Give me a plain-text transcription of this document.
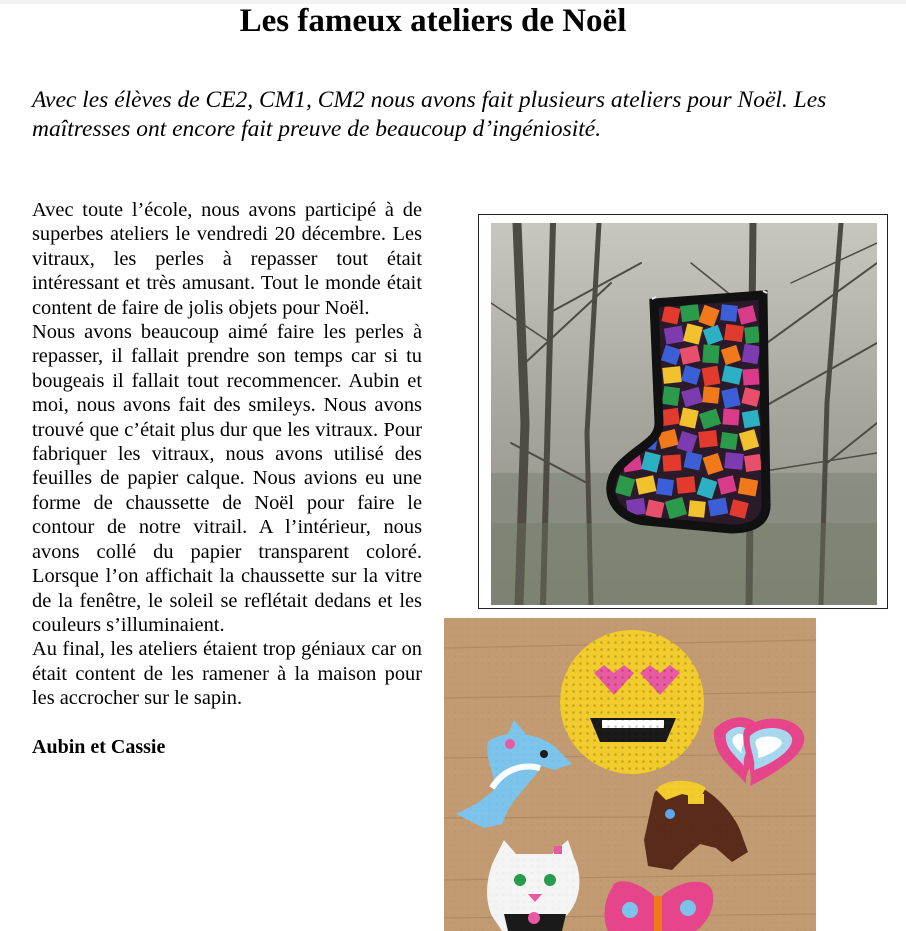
Les fameux ateliers de Noël

Avec les élèves de CE2, CM1, CM2 nous avons fait plusieurs ateliers pour Noël. Les maîtresses ont encore fait preuve de beaucoup d’ingéniosité.

Avec toute l’école, nous avons participé à de superbes ateliers le vendredi 20 décembre. Les vitraux, les perles à repasser tout était intéressant et très amusant. Tout le monde était content de faire de jolis objets pour Noël.

Nous avons beaucoup aimé faire les perles à repasser, il fallait prendre son temps car si tu bougeais il fallait tout recommencer. Aubin et moi, nous avons fait des smileys. Nous avons trouvé que c’était plus dur que les vitraux. Pour fabriquer les vitraux, nous avons utilisé des feuilles de papier calque. Nous avions eu une forme de chaussette de Noël pour faire le contour de notre vitrail. A l’intérieur, nous avons collé du papier transparent coloré. Lorsque l’on affichait la chaussette sur la vitre de la fenêtre, le soleil se reflétait dedans et les couleurs s’illuminaient.

Au final, les ateliers étaient trop géniaux car on était content de les ramener à la maison pour les accrocher sur le sapin.

Aubin et Cassie
